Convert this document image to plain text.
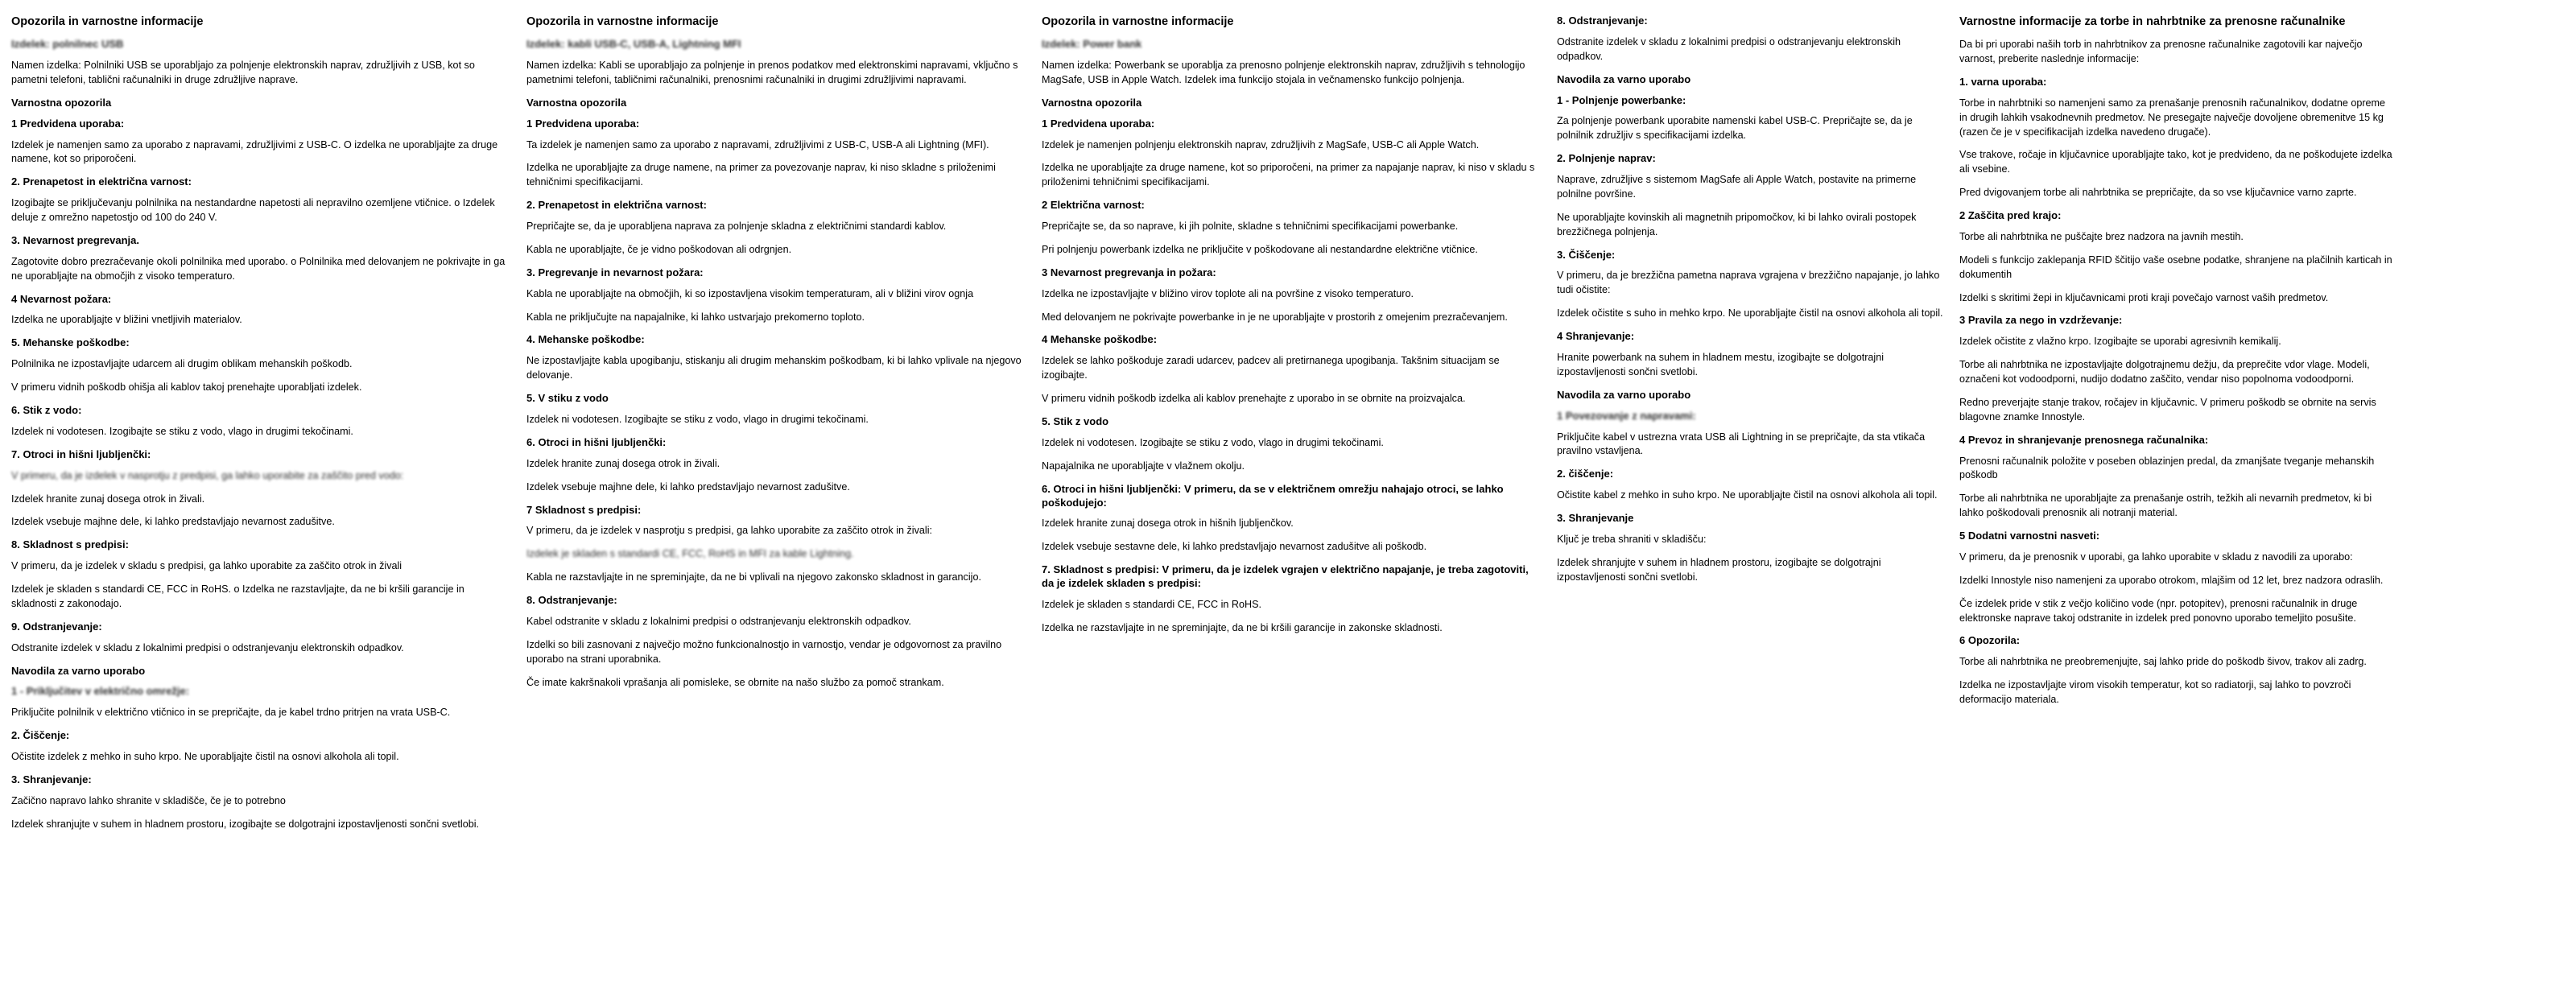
Opozorila in varnostne informacije
Izdelek: polnilnec USB

Namen izdelka: Polnilniki USB se uporabljajo za polnjenje elektronskih naprav, združljivih z USB, kot so pametni telefoni, tablični računalniki in druge združljive naprave.

Varnostna opozorila
1 Predvidena uporaba:

Izdelek je namenjen samo za uporabo z napravami, združljivimi z USB-C. O izdelka ne uporabljajte za druge namene, kot so priporočeni.

2. Prenapetost in električna varnost:

Izogibajte se priključevanju polnilnika na nestandardne napetosti ali nepravilno ozemljene vtičnice. o Izdelek deluje z omrežno napetostjo od 100 do 240 V.

3. Nevarnost pregrevanja.

Zagotovite dobro prezračevanje okoli polnilnika med uporabo. o Polnilnika med delovanjem ne pokrivajte in ga ne uporabljajte na območjih z visoko temperaturo.

4 Nevarnost požara:

Izdelka ne uporabljajte v bližini vnetljivih materialov.

5. Mehanske poškodbe:

Polnilnika ne izpostavljajte udarcem ali drugim oblikam mehanskih poškodb.

V primeru vidnih poškodb ohišja ali kablov takoj prenehajte uporabljati izdelek.

6. Stik z vodo:

Izdelek ni vodotesen. Izogibajte se stiku z vodo, vlago in drugimi tekočinami.

7. Otroci in hišni ljubljenčki:

V primeru, da je izdelek v nasprotju z predpisi, ga lahko uporabite za zaščito pred vodo:

Izdelek hranite zunaj dosega otrok in živali.

Izdelek vsebuje majhne dele, ki lahko predstavljajo nevarnost zadušitve.

8. Skladnost s predpisi:

V primeru, da je izdelek v skladu s predpisi, ga lahko uporabite za zaščito otrok in živali

Izdelek je skladen s standardi CE, FCC in RoHS. o Izdelka ne razstavljajte, da ne bi kršili garancije in skladnosti z zakonodajo.

9. Odstranjevanje:

Odstranite izdelek v skladu z lokalnimi predpisi o odstranjevanju elektronskih odpadkov.

Navodila za varno uporabo
1 - Priključitev v električno omrežje:

Priključite polnilnik v električno vtičnico in se prepričajte, da je kabel trdno pritrjen na vrata USB-C.

2. Čiščenje:

Očistite izdelek z mehko in suho krpo. Ne uporabljajte čistil na osnovi alkohola ali topil.

3. Shranjevanje:

Začično napravo lahko shranite v skladišče, če je to potrebno

Izdelek shranjujte v suhem in hladnem prostoru, izogibajte se dolgotrajni izpostavljenosti sončni svetlobi.

Opozorila in varnostne informacije
Izdelek: kabli USB-C, USB-A, Lightning MFI

Namen izdelka: Kabli se uporabljajo za polnjenje in prenos podatkov med elektronskimi napravami, vključno s pametnimi telefoni, tabličnimi računalniki, prenosnimi računalniki in drugimi združljivimi napravami.

Varnostna opozorila
1 Predvidena uporaba:

Ta izdelek je namenjen samo za uporabo z napravami, združljivimi z USB-C, USB-A ali Lightning (MFI).

Izdelka ne uporabljajte za druge namene, na primer za povezovanje naprav, ki niso skladne s priloženimi tehničnimi specifikacijami.

2. Prenapetost in električna varnost:

Prepričajte se, da je uporabljena naprava za polnjenje skladna z električnimi standardi kablov.

Kabla ne uporabljajte, če je vidno poškodovan ali odrgnjen.

3. Pregrevanje in nevarnost požara:

Kabla ne uporabljajte na območjih, ki so izpostavljena visokim temperaturam, ali v bližini virov ognja

Kabla ne priključujte na napajalnike, ki lahko ustvarjajo prekomerno toploto.

4. Mehanske poškodbe:

Ne izpostavljajte kabla upogibanju, stiskanju ali drugim mehanskim poškodbam, ki bi lahko vplivale na njegovo delovanje.

5. V stiku z vodo

Izdelek ni vodotesen. Izogibajte se stiku z vodo, vlago in drugimi tekočinami.

6. Otroci in hišni ljubljenčki:

Izdelek hranite zunaj dosega otrok in živali.

Izdelek vsebuje majhne dele, ki lahko predstavljajo nevarnost zadušitve.

7 Skladnost s predpisi:

V primeru, da je izdelek v nasprotju s predpisi, ga lahko uporabite za zaščito otrok in živali:

Izdelek je skladen s standardi CE, FCC, RoHS in MFI za kable Lightning.

Kabla ne razstavljajte in ne spreminjajte, da ne bi vplivali na njegovo zakonsko skladnost in garancijo.

8. Odstranjevanje:

Kabel odstranite v skladu z lokalnimi predpisi o odstranjevanju elektronskih odpadkov.

Izdelki so bili zasnovani z največjo možno funkcionalnostjo in varnostjo, vendar je odgovornost za pravilno uporabo na strani uporabnika.

Če imate kakršnakoli vprašanja ali pomisleke, se obrnite na našo službo za pomoč strankam.

Opozorila in varnostne informacije
Izdelek: Power bank

Namen izdelka: Powerbank se uporablja za prenosno polnjenje elektronskih naprav, združljivih s tehnologijo MagSafe, USB in Apple Watch. Izdelek ima funkcijo stojala in večnamensko funkcijo polnjenja.

Varnostna opozorila
1 Predvidena uporaba:

Izdelek je namenjen polnjenju elektronskih naprav, združljivih z MagSafe, USB-C ali Apple Watch.

Izdelka ne uporabljajte za druge namene, kot so priporočeni, na primer za napajanje naprav, ki niso v skladu s priloženimi tehničnimi specifikacijami.

2 Električna varnost:

Prepričajte se, da so naprave, ki jih polnite, skladne s tehničnimi specifikacijami powerbanke.

Pri polnjenju powerbank izdelka ne priključite v poškodovane ali nestandardne električne vtičnice.

3 Nevarnost pregrevanja in požara:

Izdelka ne izpostavljajte v bližino virov toplote ali na površine z visoko temperaturo.

Med delovanjem ne pokrivajte powerbanke in je ne uporabljajte v prostorih z omejenim prezračevanjem.

4 Mehanske poškodbe:

Izdelek se lahko poškoduje zaradi udarcev, padcev ali pretirnanega upogibanja. Takšnim situacijam se izogibajte.

V primeru vidnih poškodb izdelka ali kablov prenehajte z uporabo in se obrnite na proizvajalca.

5. Stik z vodo

Izdelek ni vodotesen. Izogibajte se stiku z vodo, vlago in drugimi tekočinami.

Napajalnika ne uporabljajte v vlažnem okolju.

6. Otroci in hišni ljubljenčki: V primeru, da se v električnem omrežju nahajajo otroci, se lahko poškodujejo:

Izdelek hranite zunaj dosega otrok in hišnih ljubljenčkov.

Izdelek vsebuje sestavne dele, ki lahko predstavljajo nevarnost zadušitve ali poškodb.

7. Skladnost s predpisi: V primeru, da je izdelek vgrajen v električno napajanje, je treba zagotoviti, da je izdelek skladen s predpisi:

Izdelek je skladen s standardi CE, FCC in RoHS.

Izdelka ne razstavljajte in ne spreminjajte, da ne bi kršili garancije in zakonske skladnosti.

8. Odstranjevanje:

Odstranite izdelek v skladu z lokalnimi predpisi o odstranjevanju elektronskih odpadkov.

Navodila za varno uporabo
1 - Polnjenje powerbanke:

Za polnjenje powerbank uporabite namenski kabel USB-C. Prepričajte se, da je polnilnik združljiv s specifikacijami izdelka.

2. Polnjenje naprav:

Naprave, združljive s sistemom MagSafe ali Apple Watch, postavite na primerne polnilne površine.

Ne uporabljajte kovinskih ali magnetnih pripomočkov, ki bi lahko ovirali postopek brezžičnega polnjenja.

3. Čiščenje:

V primeru, da je brezžična pametna naprava vgrajena v brezžično napajanje, jo lahko tudi očistite:

Izdelek očistite s suho in mehko krpo. Ne uporabljajte čistil na osnovi alkohola ali topil.

4 Shranjevanje:

Hranite powerbank na suhem in hladnem mestu, izogibajte se dolgotrajni izpostavljenosti sončni svetlobi.

Navodila za varno uporabo
1 Povezovanje z napravami:

Priključite kabel v ustrezna vrata USB ali Lightning in se prepričajte, da sta vtikača pravilno vstavljena.

2. čiščenje:

Očistite kabel z mehko in suho krpo. Ne uporabljajte čistil na osnovi alkohola ali topil.

3. Shranjevanje

Ključ je treba shraniti v skladišču:

Izdelek shranjujte v suhem in hladnem prostoru, izogibajte se dolgotrajni izpostavljenosti sončni svetlobi.

Varnostne informacije za torbe in nahrbtnike za prenosne računalnike

Da bi pri uporabi naših torb in nahrbtnikov za prenosne računalnike zagotovili kar največjo varnost, preberite naslednje informacije:

1. varna uporaba:

Torbe in nahrbtniki so namenjeni samo za prenašanje prenosnih računalnikov, dodatne opreme in drugih lahkih vsakodnevnih predmetov. Ne presegajte največje dovoljene obremenitve 15 kg (razen če je v specifikacijah izdelka navedeno drugače).

Vse trakove, ročaje in ključavnice uporabljajte tako, kot je predvideno, da ne poškodujete izdelka ali vsebine.

Pred dvigovanjem torbe ali nahrbtnika se prepričajte, da so vse ključavnice varno zaprte.

2 Zaščita pred krajo:

Torbe ali nahrbtnika ne puščajte brez nadzora na javnih mestih.

Modeli s funkcijo zaklepanja RFID ščitijo vaše osebne podatke, shranjene na plačilnih karticah in dokumentih

Izdelki s skritimi žepi in ključavnicami proti kraji povečajo varnost vaših predmetov.

3 Pravila za nego in vzdrževanje:

Izdelek očistite z vlažno krpo. Izogibajte se uporabi agresivnih kemikalij.

Torbe ali nahrbtnika ne izpostavljajte dolgotrajnemu dežju, da preprečite vdor vlage. Modeli, označeni kot vodoodporni, nudijo dodatno zaščito, vendar niso popolnoma vodoodporni.

Redno preverjajte stanje trakov, ročajev in ključavnic. V primeru poškodb se obrnite na servis blagovne znamke Innostyle.

4 Prevoz in shranjevanje prenosnega računalnika:

Prenosni računalnik položite v poseben oblazinjen predal, da zmanjšate tveganje mehanskih poškodb

Torbe ali nahrbtnika ne uporabljajte za prenašanje ostrih, težkih ali nevarnih predmetov, ki bi lahko poškodovali prenosnik ali notranji material.

5 Dodatni varnostni nasveti:

V primeru, da je prenosnik v uporabi, ga lahko uporabite v skladu z navodili za uporabo:

Izdelki Innostyle niso namenjeni za uporabo otrokom, mlajšim od 12 let, brez nadzora odraslih.

Če izdelek pride v stik z večjo količino vode (npr. potopitev), prenosni računalnik in druge elektronske naprave takoj odstranite in izdelek pred ponovno uporabo temeljito posušite.

6 Opozorila:

Torbe ali nahrbtnika ne preobremenjujte, saj lahko pride do poškodb šivov, trakov ali zadrg.

Izdelka ne izpostavljajte virom visokih temperatur, kot so radiatorji, saj lahko to povzroči deformacijo materiala.
